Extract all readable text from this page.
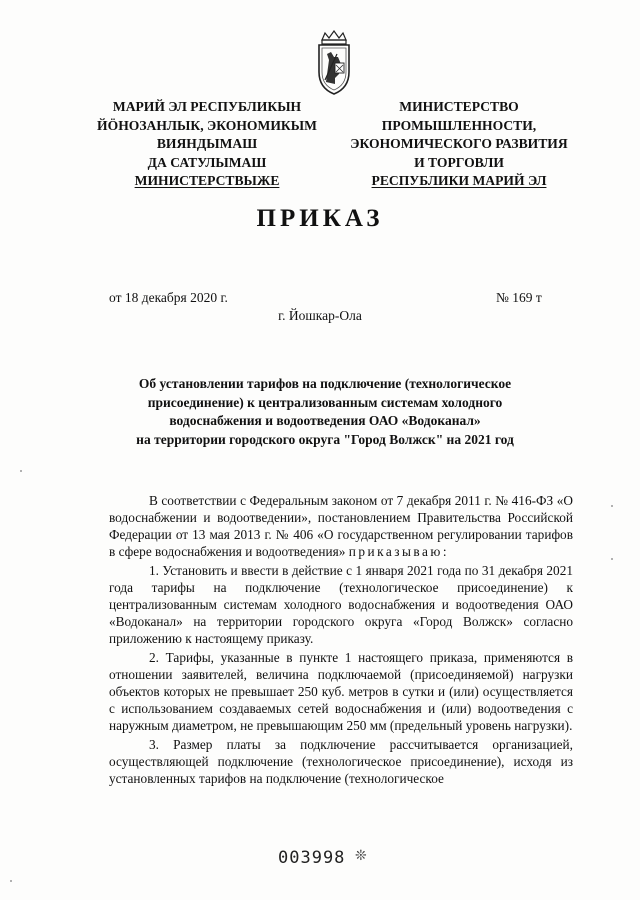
МАРИЙ ЭЛ РЕСПУБЛИКЫН
ЙӦНОЗАНЛЫК, ЭКОНОМИКЫМ
ВИЯНДЫМАШ
ДА САТУЛЫМАШ
МИНИСТЕРСТВЫЖЕ
МИНИСТЕРСТВО
ПРОМЫШЛЕННОСТИ,
ЭКОНОМИЧЕСКОГО РАЗВИТИЯ
И ТОРГОВЛИ
РЕСПУБЛИКИ МАРИЙ ЭЛ
ПРИКАЗ
от 18 декабря 2020 г.	№ 169 т
г. Йошкар-Ола
Об установлении тарифов на подключение (технологическое
присоединение) к централизованным системам холодного
водоснабжения и водоотведения ОАО «Водоканал»
на территории городского округа "Город Волжск" на 2021 год

В соответствии с Федеральным законом от 7 декабря 2011 г. № 416-ФЗ «О водоснабжении и водоотведении», постановлением Правительства Российской Федерации от 13 мая 2013 г. № 406 «О государственном регулировании тарифов в сфере водоснабжения и водоотведения» приказываю:

1. Установить и ввести в действие с 1 января 2021 года по 31 декабря 2021 года тарифы на подключение (технологическое присоединение) к централизованным системам холодного водоснабжения и водоотведения ОАО «Водоканал» на территории городского округа «Город Волжск» согласно приложению к настоящему приказу.

2. Тарифы, указанные в пункте 1 настоящего приказа, применяются в отношении заявителей, величина подключаемой (присоединяемой) нагрузки объектов которых не превышает 250 куб. метров в сутки и (или) осуществляется с использованием создаваемых сетей водоснабжения и (или) водоотведения с наружным диаметром, не превышающим 250 мм (предельный уровень нагрузки).

3. Размер платы за подключение рассчитывается организацией, осуществляющей подключение (технологическое присоединение), исходя из установленных тарифов на подключение (технологическое

003998 ❊
